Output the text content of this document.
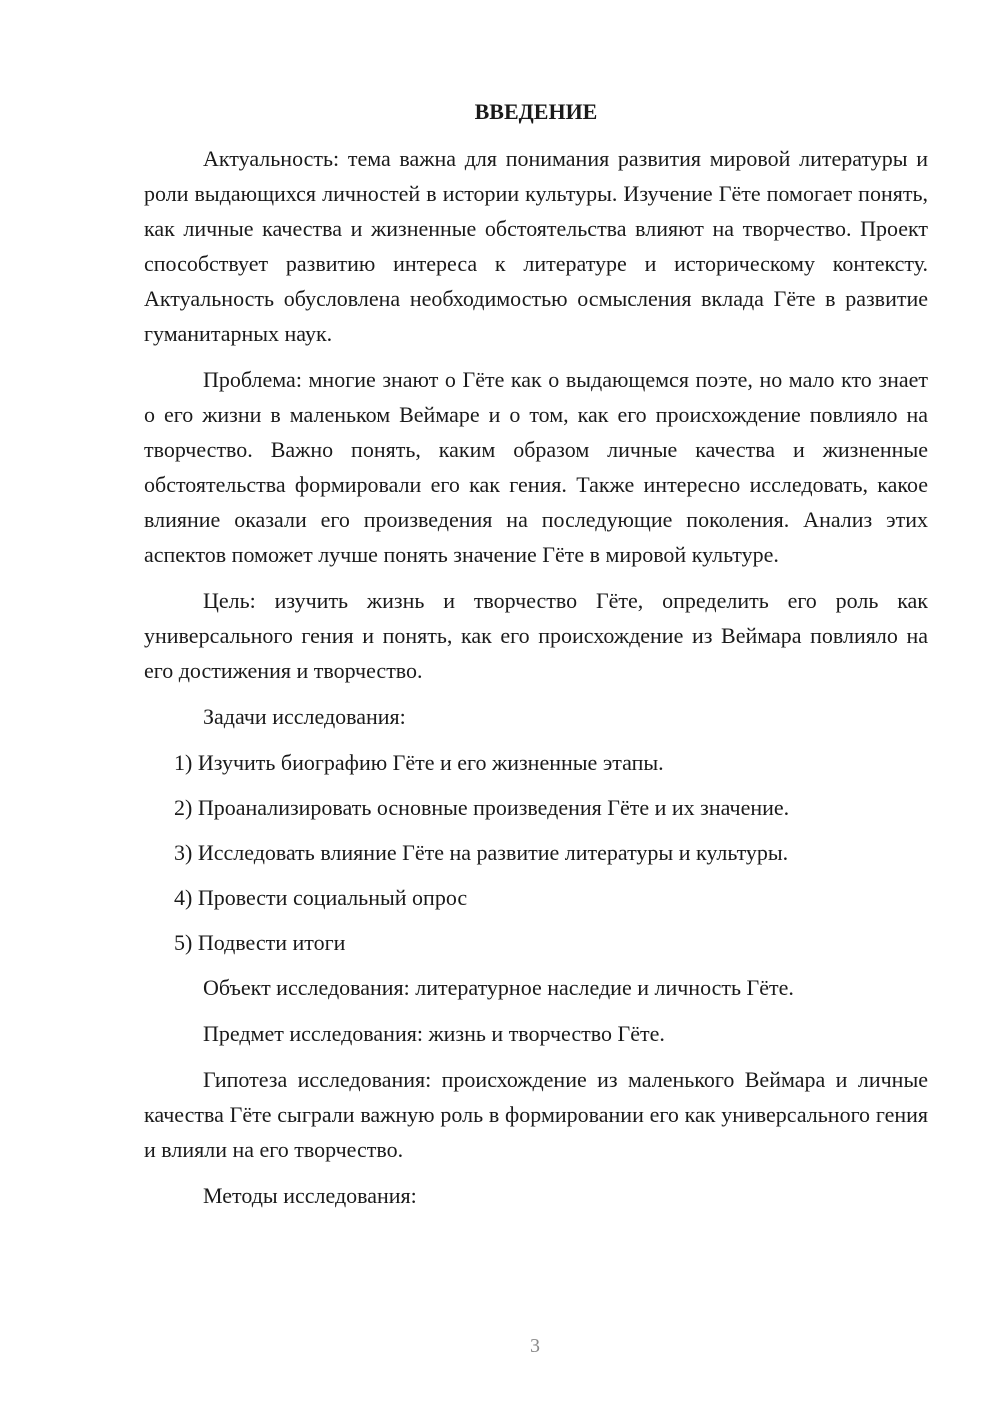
ВВЕДЕНИЕ

Актуальность: тема важна для понимания развития мировой литературы и роли выдающихся личностей в истории культуры. Изучение Гёте помогает понять, как личные качества и жизненные обстоятельства влияют на творчество. Проект способствует развитию интереса к литературе и историческому контексту. Актуальность обусловлена необходимостью осмысления вклада Гёте в развитие гуманитарных наук.

Проблема: многие знают о Гёте как о выдающемся поэте, но мало кто знает о его жизни в маленьком Веймаре и о том, как его происхождение повлияло на творчество. Важно понять, каким образом личные качества и жизненные обстоятельства формировали его как гения. Также интересно исследовать, какое влияние оказали его произведения на последующие поколения. Анализ этих аспектов поможет лучше понять значение Гёте в мировой культуре.

Цель: изучить жизнь и творчество Гёте, определить его роль как универсального гения и понять, как его происхождение из Веймара повлияло на его достижения и творчество.

Задачи исследования:

1) Изучить биографию Гёте и его жизненные этапы.
2) Проанализировать основные произведения Гёте и их значение.
3) Исследовать влияние Гёте на развитие литературы и культуры.
4) Провести социальный опрос
5) Подвести итоги

Объект исследования: литературное наследие и личность Гёте.

Предмет исследования: жизнь и творчество Гёте.

Гипотеза исследования: происхождение из маленького Веймара и личные качества Гёте сыграли важную роль в формировании его как универсального гения и влияли на его творчество.

Методы исследования:

3
